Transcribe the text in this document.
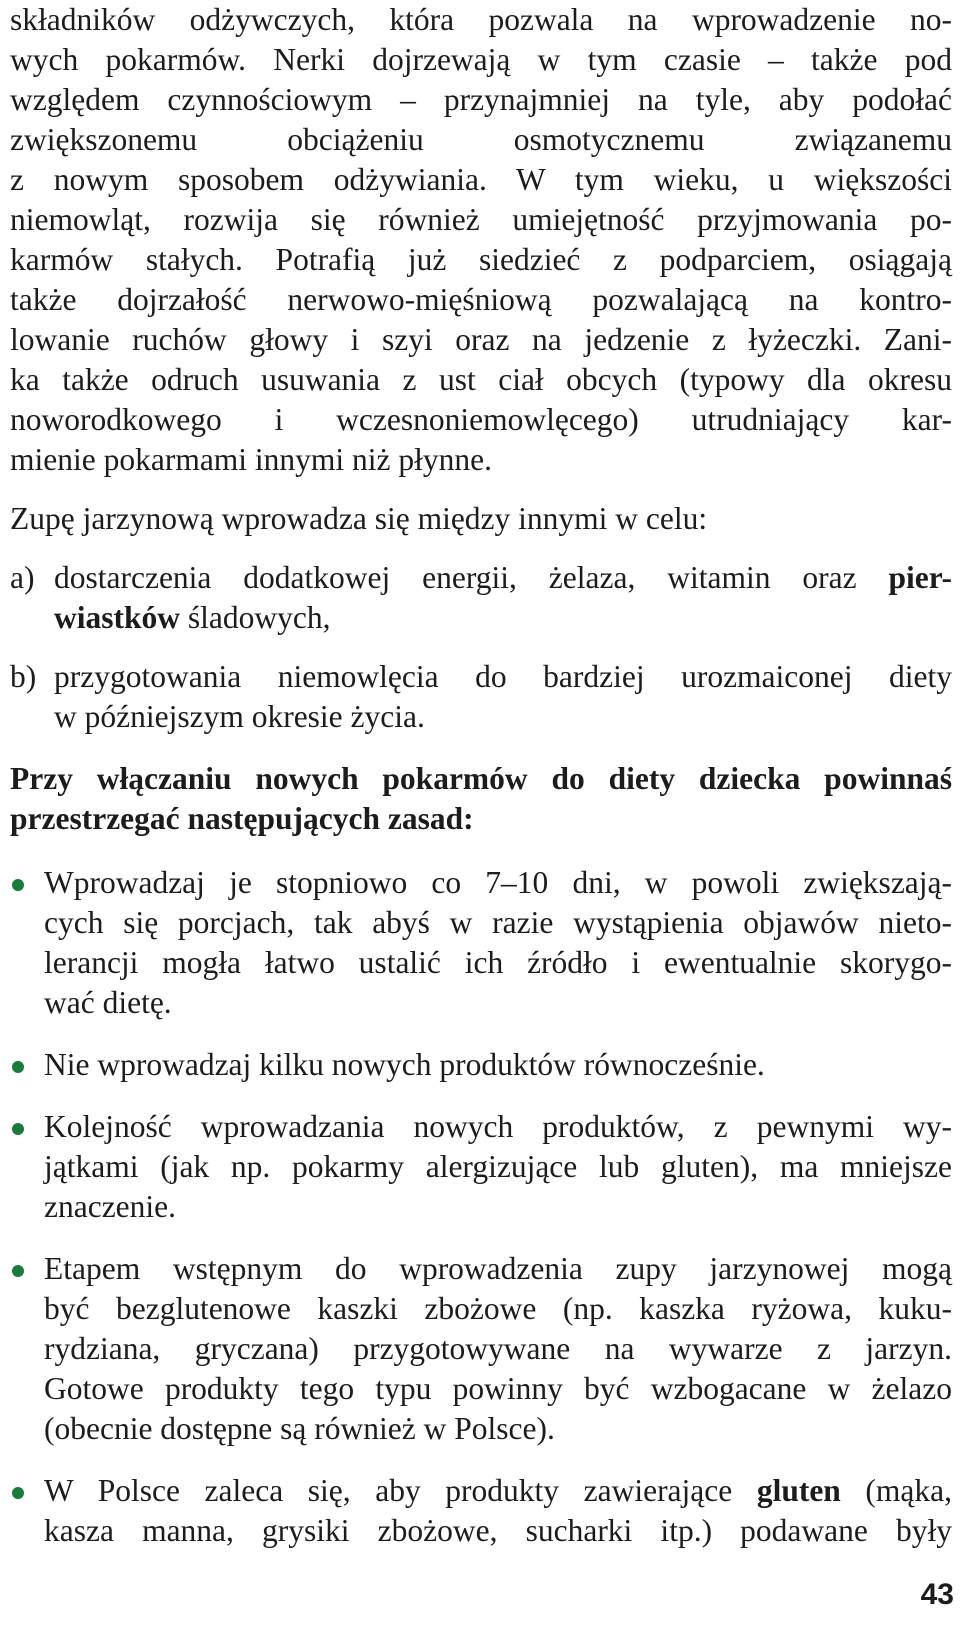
składników odżywczych, która pozwala na wprowadzenie no-
wych pokarmów. Nerki dojrzewają w tym czasie – także pod
względem czynnościowym – przynajmniej na tyle, aby podołać
zwiększonemu obciążeniu osmotycznemu związanemu
z nowym sposobem odżywiania. W tym wieku, u większości
niemowląt, rozwija się również umiejętność przyjmowania po-
karmów stałych. Potrafią już siedzieć z podparciem, osiągają
także dojrzałość nerwowo-mięśniową pozwalającą na kontro-
lowanie ruchów głowy i szyi oraz na jedzenie z łyżeczki. Zani-
ka także odruch usuwania z ust ciał obcych (typowy dla okresu
noworodkowego i wczesnoniemowlęcego) utrudniający kar-
mienie pokarmami innymi niż płynne.
Zupę jarzynową wprowadza się między innymi w celu:
a) dostarczenia dodatkowej energii, żelaza, witamin oraz pier-
wiastków śladowych,
b) przygotowania niemowlęcia do bardziej urozmaiconej diety
w późniejszym okresie życia.
Przy włączaniu nowych pokarmów do diety dziecka powinnaś
przestrzegać następujących zasad:
Wprowadzaj je stopniowo co 7–10 dni, w powoli zwiększają-
cych się porcjach, tak abyś w razie wystąpienia objawów nieto-
lerancji mogła łatwo ustalić ich źródło i ewentualnie skorygo-
wać dietę.
Nie wprowadzaj kilku nowych produktów równocześnie.
Kolejność wprowadzania nowych produktów, z pewnymi wy-
jątkami (jak np. pokarmy alergizujące lub gluten), ma mniejsze
znaczenie.
Etapem wstępnym do wprowadzenia zupy jarzynowej mogą
być bezglutenowe kaszki zbożowe (np. kaszka ryżowa, kuku-
rydziana, gryczana) przygotowywane na wywarze z jarzyn.
Gotowe produkty tego typu powinny być wzbogacane w żelazo
(obecnie dostępne są również w Polsce).
W Polsce zaleca się, aby produkty zawierające gluten (mąka,
kasza manna, grysiki zbożowe, sucharki itp.) podawane były
43
